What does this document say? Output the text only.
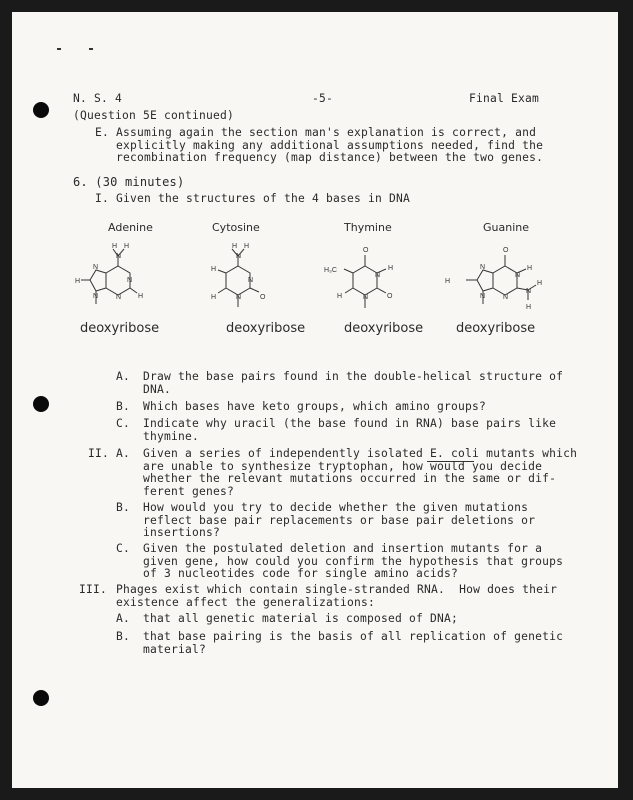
N. S. 4	-5-	Final Exam
(Question 5E continued)
E. Assuming again the section man's explanation is correct, and
explicitly making any additional assumptions needed, find the
recombination frequency (map distance) between the two genes.
6. (30 minutes)
I. Given the structures of the 4 bases in DNA
Adenine	Cytosine	Thymine	Guanine
H H
N
H
H
N
N
N
N
deoxyribose
H H
N
H
H	O
N
N
deoxyribose
O
H₃C
N
H
O
N
H
deoxyribose
O
H
N
N
N
H
N
N
H
H
deoxyribose
A. Draw the base pairs found in the double-helical structure of
DNA.
B. Which bases have keto groups, which amino groups?
C. Indicate why uracil (the base found in RNA) base pairs like
thymine.
II. A. Given a series of independently isolated E. coli mutants which
are unable to synthesize tryptophan, how would you decide
whether the relevant mutations occurred in the same or dif-
ferent genes?
B. How would you try to decide whether the given mutations
reflect base pair replacements or base pair deletions or
insertions?
C. Given the postulated deletion and insertion mutants for a
given gene, how could you confirm the hypothesis that groups
of 3 nucleotides code for single amino acids?
III. Phages exist which contain single-stranded RNA.  How does their
existence affect the generalizations:
A. that all genetic material is composed of DNA;
B. that base pairing is the basis of all replication of genetic
material?
